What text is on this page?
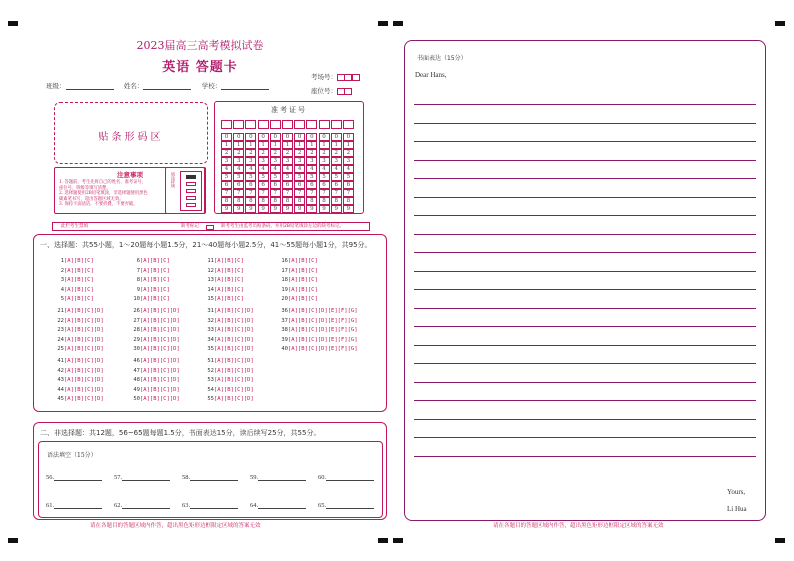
2023届高三高考模拟试卷
英语 答题卡
考场号：
座位号：
班级：	姓名：	学校：
贴条形码区
准考证号
0	0	0	0	0	0	0	0	0	0	0
1	1	1	1	1	1	1	1	1	1	1
2	2	2	2	2	2	2	2	2	2	2
3	3	3	3	3	3	3	3	3	3	3
4	4	4	4	4	4	4	4	4	4	4
5	5	5	5	5	5	5	5	5	5	5
6	6	6	6	6	6	6	6	6	6	6
7	7	7	7	7	7	7	7	7	7	7
8	8	8	8	8	8	8	8	8	8	8
9	9	9	9	9	9	9	9	9	9	9
注意事项
1. 答题前，考生先将自己的姓名、准考证号、
座位号、班级等填写清楚。
2. 选择题使用2B铅笔填涂，非选择题使用黑色
碳素笔书写，超出答题区域无效。
3. 保持卡面清洁，不要折叠、不要弄破。
填涂样例
此栏考生禁填	缺考标记	缺考考生由监考员贴条码，并用2B铅笔填涂左边的缺考标记。
一、选择题：共55小题，1～20题每小题1.5分，21～40题每小题2.5分，41～55题每小题1分，共95分。
1[A][B][C]	6[A][B][C]	11[A][B][C]	16[A][B][C]
2[A][B][C]	7[A][B][C]	12[A][B][C]	17[A][B][C]
3[A][B][C]	8[A][B][C]	13[A][B][C]	18[A][B][C]
4[A][B][C]	9[A][B][C]	14[A][B][C]	19[A][B][C]
5[A][B][C]	10[A][B][C]	15[A][B][C]	20[A][B][C]
21[A][B][C][D]	26[A][B][C][D]	31[A][B][C][D]	36[A][B][C][D][E][F][G]
22[A][B][C][D]	27[A][B][C][D]	32[A][B][C][D]	37[A][B][C][D][E][F][G]
23[A][B][C][D]	28[A][B][C][D]	33[A][B][C][D]	38[A][B][C][D][E][F][G]
24[A][B][C][D]	29[A][B][C][D]	34[A][B][C][D]	39[A][B][C][D][E][F][G]
25[A][B][C][D]	30[A][B][C][D]	35[A][B][C][D]	40[A][B][C][D][E][F][G]
41[A][B][C][D]	46[A][B][C][D]	51[A][B][C][D]
42[A][B][C][D]	47[A][B][C][D]	52[A][B][C][D]
43[A][B][C][D]	48[A][B][C][D]	53[A][B][C][D]
44[A][B][C][D]	49[A][B][C][D]	54[A][B][C][D]
45[A][B][C][D]	50[A][B][C][D]	55[A][B][C][D]
二、非选择题：共12题，56~65题每题1.5分，书面表达15分，读后续写25分，共55分。
语法填空（15分）
56.	57.	58.	59.	60.
61.	62.	63.	64.	65.
请在各题目的答题区域内作答，超出黑色矩形边框限定区域的答案无效
书面表达（15分）
Dear Hans,
Yours,
Li Hua
请在各题目的答题区域内作答，超出黑色矩形边框限定区域的答案无效
